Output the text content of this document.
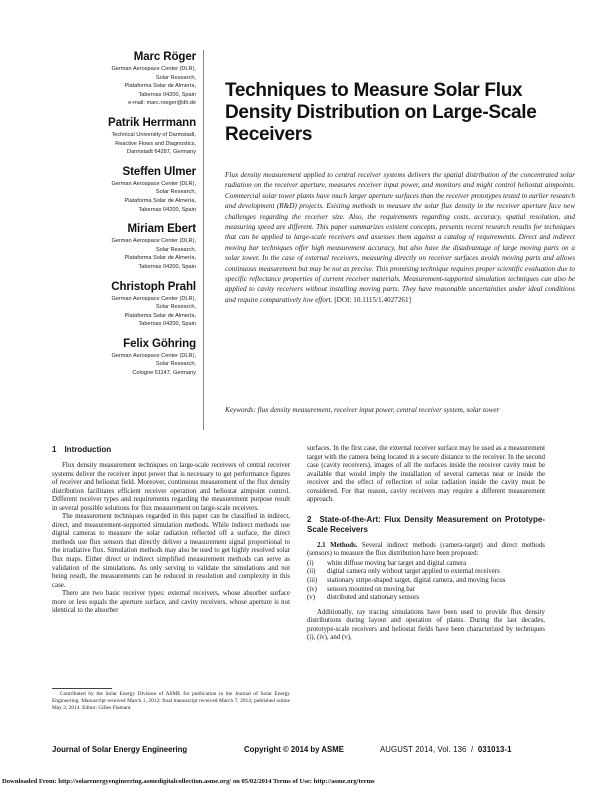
Marc Röger
German Aerospace Center (DLR),
Solar Research,
Plataforma Solar de Almería,
Tabernas 04200, Spain
e-mail: marc.roeger@dlr.de
Patrik Herrmann
Technical University of Darmstadt,
Reactive Flows and Diagnostics,
Darmstadt 64287, Germany
Steffen Ulmer
German Aerospace Center (DLR),
Solar Research,
Plataforma Solar de Almería,
Tabernas 04200, Spain
Miriam Ebert
German Aerospace Center (DLR),
Solar Research,
Plataforma Solar de Almería,
Tabernas 04200, Spain
Christoph Prahl
German Aerospace Center (DLR),
Solar Research,
Plataforma Solar de Almería,
Tabernas 04200, Spain
Felix Göhring
German Aerospace Center (DLR),
Solar Research,
Cologne 51147, Germany
Techniques to Measure Solar Flux Density Distribution on Large-Scale Receivers
Flux density measurement applied to central receiver systems delivers the spatial distribution of the concentrated solar radiation on the receiver aperture, measures receiver input power, and monitors and might control heliostat aimpoints. Commercial solar tower plants have much larger aperture surfaces than the receiver prototypes tested in earlier research and development (R&D) projects. Existing methods to measure the solar flux density in the receiver aperture face new challenges regarding the receiver size. Also, the requirements regarding costs, accuracy, spatial resolution, and measuring speed are different. This paper summarizes existent concepts, presents recent research results for techniques that can be applied to large-scale receivers and assesses them against a catalog of requirements. Direct and indirect moving bar techniques offer high measurement accuracy, but also have the disadvantage of large moving parts on a solar tower. In the case of external receivers, measuring directly on receiver surfaces avoids moving parts and allows continuous measurement but may be not as precise. This promising technique requires proper scientific evaluation due to specific reflectance properties of current receiver materials. Measurement-supported simulation techniques can also be applied to cavity receivers without installing moving parts. They have reasonable uncertainties under ideal conditions and require comparatively low effort. [DOI: 10.1115/1.4027261]
Keywords: flux density measurement, receiver input power, central receiver system, solar tower
1 Introduction

Flux density measurement techniques on large-scale receivers of central receiver systems deliver the receiver input power that is necessary to get performance figures of receiver and heliostat field. Moreover, continuous measurement of the flux density distribution facilitates efficient receiver operation and heliostat aimpoint control. Different receiver types and requirements regarding the measurement purpose result in several possible solutions for flux measurement on large-scale receivers.

The measurement techniques regarded in this paper can be classified in indirect, direct, and measurement-supported simulation methods. While indirect methods use digital cameras to measure the solar radiation reflected off a surface, the direct methods use flux sensors that directly deliver a measurement signal proportional to the irradiative flux. Simulation methods may also be used to get highly resolved solar flux maps. Either direct or indirect simplified measurement methods can serve as validation of the simulations. As only serving to validate the simulations and not being result, the measurements can be reduced in resolution and complexity in this case.

There are two basic receiver types: external receivers, whose absorber surface more or less equals the aperture surface, and cavity receivers, whose aperture is not identical to the absorber

surfaces. In the first case, the external receiver surface may be used as a measurement target with the camera being located in a secure distance to the receiver. In the second case (cavity receivers), images of all the surfaces inside the receiver cavity must be available that would imply the installation of several cameras near or inside the receiver and the effect of reflection of solar radiation inside the cavity must be considered. For that reason, cavity receivers may require a different measurement approach.

2 State-of-the-Art: Flux Density Measurement on Prototype-Scale Receivers

2.1 Methods. Several indirect methods (camera-target) and direct methods (sensors) to measure the flux distribution have been proposed:

(i)	white diffuse moving bar target and digital camera
(ii)	digital camera only without target applied to external receivers
(iii)	stationary stripe-shaped target, digital camera, and moving focus
(iv)	sensors mounted on moving bar
(v)	distributed and stationary sensors

Additionally, ray tracing simulations have been used to provide flux density distributions during layout and operation of plants. During the last decades, prototype-scale receivers and heliostat fields have been characterized by techniques (i), (iv), and (v),

Contributed by the Solar Energy Division of ASME for publication in the Journal of Solar Energy Engineering. Manuscript received March 1, 2012; final manuscript received March 7, 2014; published online May 2, 2014. Editor: Gilles Flamant.
Journal of Solar Energy Engineering	Copyright © 2014 by ASME	AUGUST 2014, Vol. 136  /  031013-1
Downloaded From: http://solarenergyengineering.asmedigitalcollection.asme.org/ on 05/02/2014 Terms of Use: http://asme.org/terms
